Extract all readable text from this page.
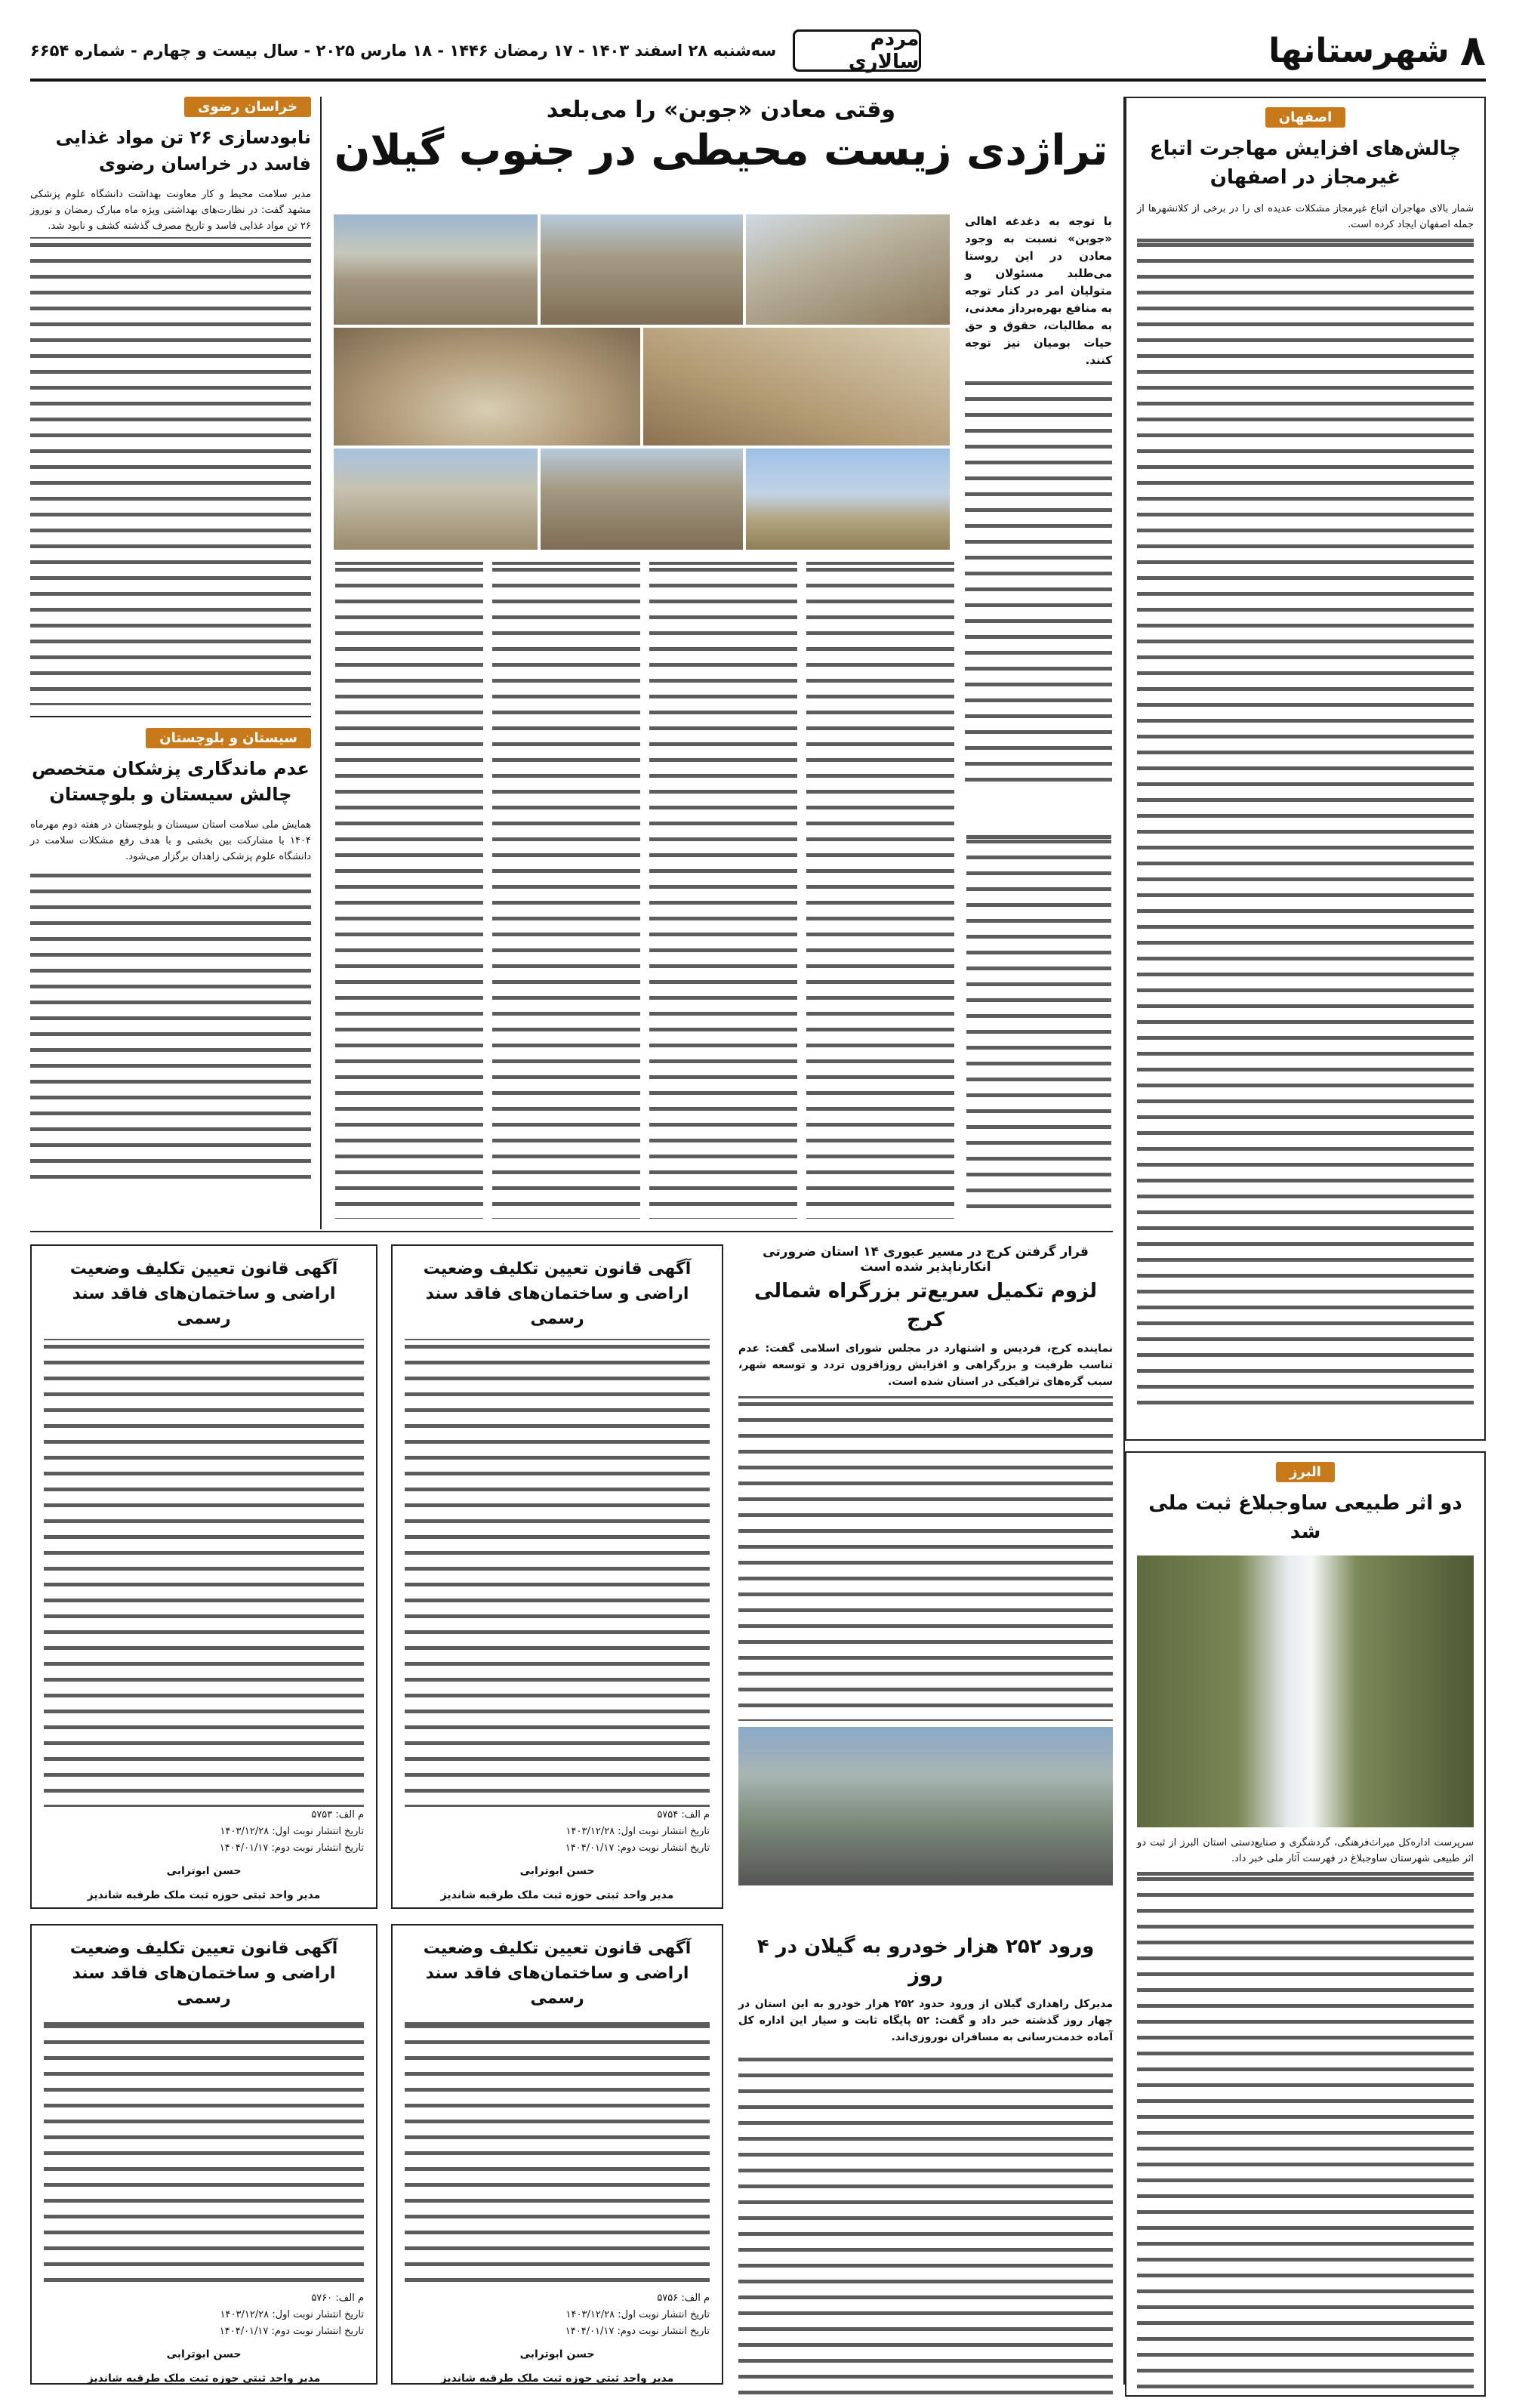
۸
شهرستانها
مردم سالاری
سه‌شنبه ۲۸ اسفند ۱۴۰۳ - ۱۷ رمضان ۱۴۴۶ - ۱۸ مارس ۲۰۲۵ - سال بیست و چهارم - شماره ۶۶۵۴
اصفهان
چالش‌های افزایش مهاجرت اتباع غیرمجاز در اصفهان

شمار بالای مهاجران اتباع غیرمجاز مشکلات عدیده ای را در برخی از کلانشهرها از جمله اصفهان ایجاد کرده است.

البرز
دو اثر طبیعی ساوجبلاغ ثبت ملی شد

سرپرست اداره‌کل میراث‌فرهنگی، گردشگری و صنایع‌دستی استان البرز از ثبت دو اثر طبیعی شهرستان ساوجبلاغ در فهرست آثار ملی خبر داد.

وقتی معادن «جوبن» را می‌بلعد
تراژدی زیست محیطی در جنوب گیلان

با توجه به دغدغه اهالی «جوبن» نسبت به وجود معادن در این روستا می‌طلبد مسئولان و متولیان امر در کنار توجه به منافع بهره‌برداز معدنی، به مطالبات، حقوق و حق حیات بومیان نیز توجه کنند.

خراسان رضوی
نابودسازی ۲۶ تن مواد غذایی فاسد در خراسان رضوی

مدیر سلامت محیط و کار معاونت بهداشت دانشگاه علوم پزشکی مشهد گفت: در نظارت‌های بهداشتی ویژه ماه مبارک رمضان و نوروز ۲۶ تن مواد غذایی فاسد و تاریخ مصرف گذشته کشف و نابود شد.

سیستان و بلوچستان
عدم ماندگاری پزشکان متخصص چالش سیستان و بلوچستان

همایش ملی سلامت استان سیستان و بلوچستان در هفته دوم مهرماه ۱۴۰۴ با مشارکت بین بخشی و با هدف رفع مشکلات سلامت در دانشگاه علوم پزشکی زاهدان برگزار می‌شود.

قرار گرفتن کرج در مسیر عبوری ۱۴ استان ضرورتی انکارناپذیر شده است
لزوم تکمیل سریع‌تر بزرگراه شمالی کرج

نماینده کرج، فردیس و اشتهارد در مجلس شورای اسلامی گفت: عدم تناسب ظرفیت و بزرگراهی و افزایش روزافزون تردد و توسعه شهر، سبب گره‌های ترافیکی در استان شده است.

ورود ۲۵۲ هزار خودرو به گیلان در ۴ روز

مدیرکل راهداری گیلان از ورود حدود ۲۵۲ هزار خودرو به این استان در چهار روز گذشته خبر داد و گفت: ۵۲ پایگاه ثابت و سیار این اداره کل آماده خدمت‌رسانی به مسافران نوروزی‌اند.

آگهی قانون تعیین تکلیف وضعیت اراضی و ساختمان‌های فاقد سند رسمی
م الف: ۵۷۵۴
تاریخ انتشار نوبت اول: ۱۴۰۳/۱۲/۲۸
تاریخ انتشار نوبت دوم: ۱۴۰۴/۰۱/۱۷
حسن ابوترابی
مدیر واحد ثبتی حوزه ثبت ملک طرقبه شاندیز
آگهی قانون تعیین تکلیف وضعیت اراضی و ساختمان‌های فاقد سند رسمی
م الف: ۵۷۵۳
تاریخ انتشار نوبت اول: ۱۴۰۳/۱۲/۲۸
تاریخ انتشار نوبت دوم: ۱۴۰۴/۰۱/۱۷
حسن ابوترابی
مدیر واحد ثبتی حوزه ثبت ملک طرقبه شاندیز
آگهی قانون تعیین تکلیف وضعیت اراضی و ساختمان‌های فاقد سند رسمی
م الف: ۵۷۵۶
تاریخ انتشار نوبت اول: ۱۴۰۳/۱۲/۲۸
تاریخ انتشار نوبت دوم: ۱۴۰۴/۰۱/۱۷
حسن ابوترابی
مدیر واحد ثبتی حوزه ثبت ملک طرقبه شاندیز
آگهی قانون تعیین تکلیف وضعیت اراضی و ساختمان‌های فاقد سند رسمی
م الف: ۵۷۶۰
تاریخ انتشار نوبت اول: ۱۴۰۳/۱۲/۲۸
تاریخ انتشار نوبت دوم: ۱۴۰۴/۰۱/۱۷
حسن ابوترابی
مدیر واحد ثبتی حوزه ثبت ملک طرقبه شاندیز
